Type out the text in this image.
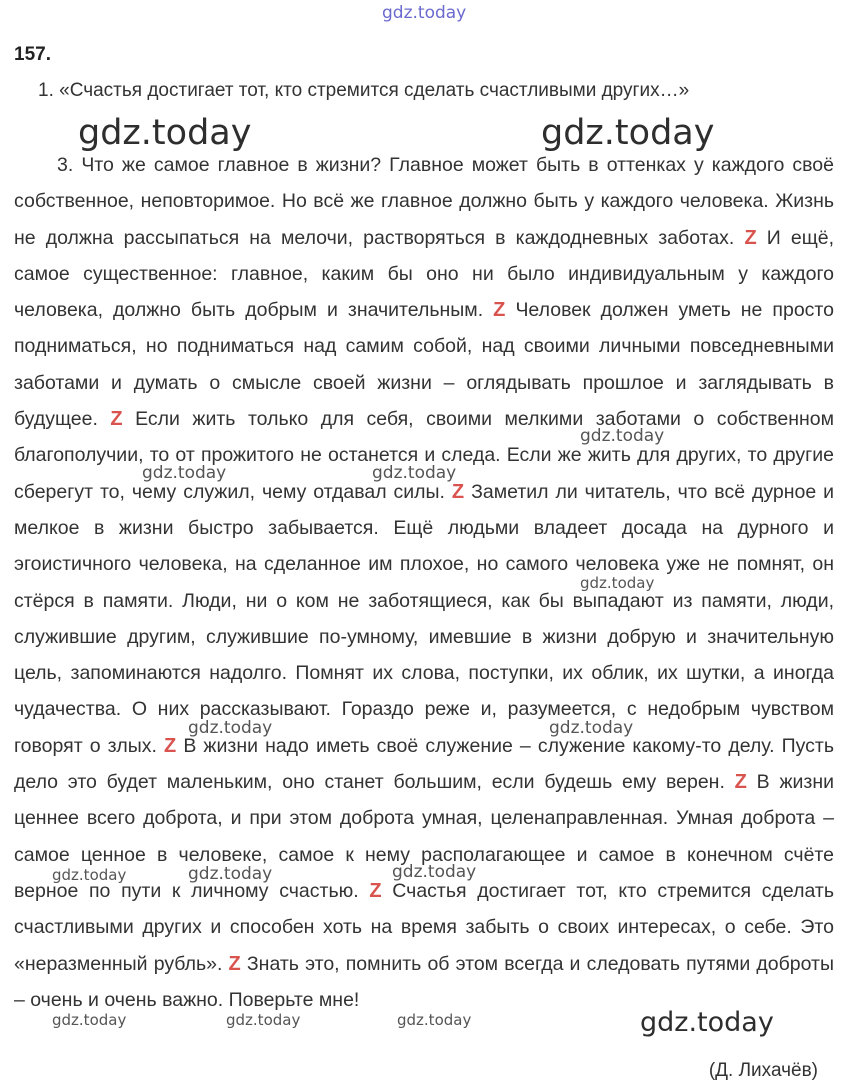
gdz.today
gdz.today	gdz.today
gdz.today
157.
1. «Счастья достигает тот, кто стремится сделать счастливыми других…»
3. Что же самое главное в жизни? Главное может быть в оттенках у каждого своё собственное, неповторимое. Но всё же главное должно быть у каждого человека. Жизнь не должна рассыпаться на мелочи, растворяться в каждодневных заботах. Z И ещё, самое существенное: главное, каким бы оно ни было индивидуальным у каждого человека, должно быть добрым и значительным. Z Человек должен уметь не просто подниматься, но подниматься над самим собой, над своими личными повседневными заботами и думать о смысле своей жизни – оглядывать прошлое и заглядывать в будущее. Z Если жить только для себя, своими мелкими заботами о собственном благополучии, то от прожитого не останется и следа. Если же жить для других, то другие сберегут то, чему служил, чему отдавал силы. Z Заметил ли читатель, что всё дурное и мелкое в жизни быстро забывается. Ещё людьми владеет досада на дурного и эгоистичного человека, на сделанное им плохое, но самого человека уже не помнят, он стёрся в памяти. Люди, ни о ком не заботящиеся, как бы выпадают из памяти, люди, служившие другим, служившие по-умному, имевшие в жизни добрую и значительную цель, запоминаются надолго. Помнят их слова, поступки, их облик, их шутки, а иногда чудачества. О них рассказывают. Гораздо реже и, разумеется, с недобрым чувством говорят о злых. Z В жизни надо иметь своё служение – служение какому-то делу. Пусть дело это будет маленьким, оно станет большим, если будешь ему верен. Z В жизни ценнее всего доброта, и при этом доброта умная, целенаправленная. Умная доброта – самое ценное в человеке, самое к нему располагающее и самое в конечном счёте верное по пути к личному счастью. Z Счастья достигает тот, кто стремится сделать счастливыми других и способен хоть на время забыть о своих интересах, о себе. Это «неразменный рубль». Z Знать это, помнить об этом всегда и следовать путями доброты – очень и очень важно. Поверьте мне!
gdz.today
gdz.today	gdz.today
gdz.today
gdz.today	gdz.today
gdz.today	gdz.today	gdz.today
gdz.today	gdz.today	gdz.today
(Д. Лихачёв)
